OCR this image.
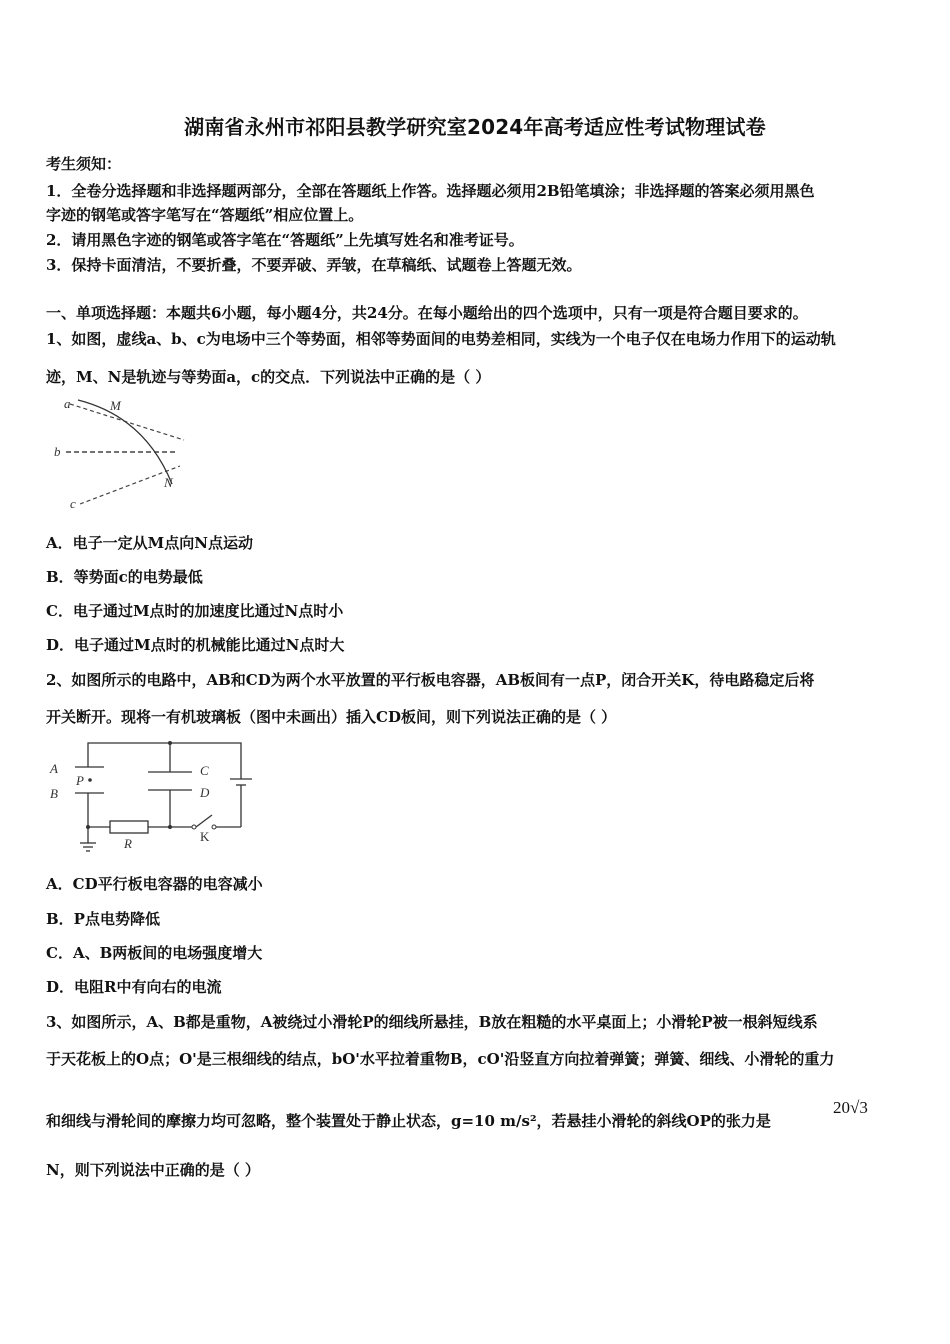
湖南省永州市祁阳县教学研究室2024年高考适应性考试物理试卷
考生须知：
1．全卷分选择题和非选择题两部分，全部在答题纸上作答。选择题必须用2B铅笔填涂；非选择题的答案必须用黑色
字迹的钢笔或答字笔写在“答题纸”相应位置上。
2．请用黑色字迹的钢笔或答字笔在“答题纸”上先填写姓名和准考证号。
3．保持卡面清洁，不要折叠，不要弄破、弄皱，在草稿纸、试题卷上答题无效。
一、单项选择题：本题共6小题，每小题4分，共24分。在每小题给出的四个选项中，只有一项是符合题目要求的。
1、如图，虚线a、b、c为电场中三个等势面，相邻等势面间的电势差相同，实线为一个电子仅在电场力作用下的运动轨
迹，M、N是轨迹与等势面a，c的交点．下列说法中正确的是（ ）
a	M
b
c
N
A．电子一定从M点向N点运动
B．等势面c的电势最低
C．电子通过M点时的加速度比通过N点时小
D．电子通过M点时的机械能比通过N点时大
2、如图所示的电路中，AB和CD为两个水平放置的平行板电容器，AB板间有一点P，闭合开关K，待电路稳定后将
开关断开。现将一有机玻璃板（图中未画出）插入CD板间，则下列说法正确的是（ ）
A
B
P
C
D
R	K
A．CD平行板电容器的电容减小
B．P点电势降低
C．A、B两板间的电场强度增大
D．电阻R中有向右的电流
3、如图所示，A、B都是重物，A被绕过小滑轮P的细线所悬挂，B放在粗糙的水平桌面上；小滑轮P被一根斜短线系
于天花板上的O点；O'是三根细线的结点，bO'水平拉着重物B，cO'沿竖直方向拉着弹簧；弹簧、细线、小滑轮的重力
和细线与滑轮间的摩擦力均可忽略，整个装置处于静止状态，g=10 m/s²，若悬挂小滑轮的斜线OP的张力是
20√3
N，则下列说法中正确的是（ ）
